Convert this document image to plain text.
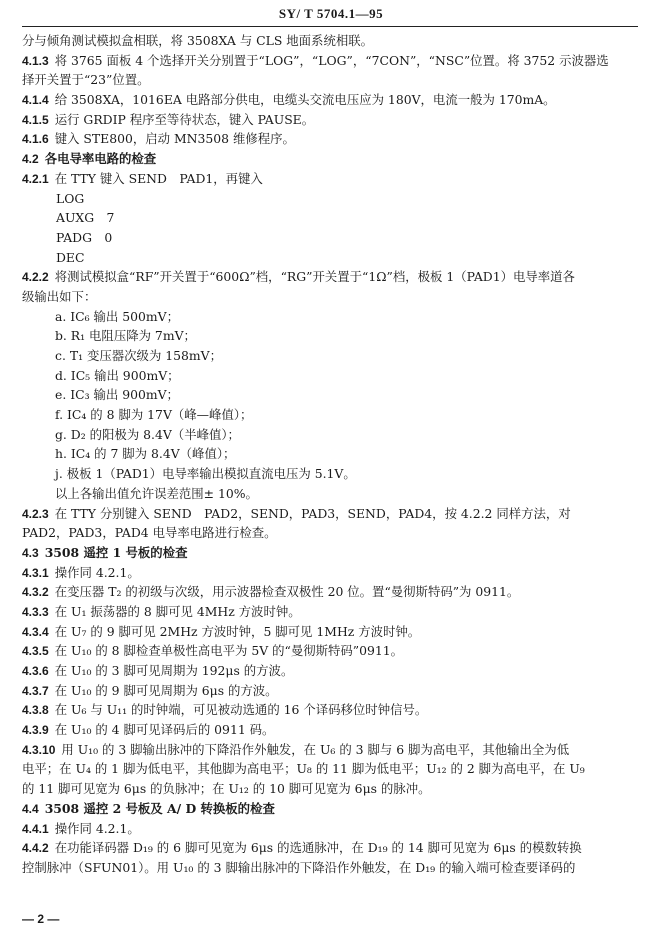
SY/ T 5704.1—95
分与倾角测试模拟盒相联，将 3508XA 与 CLS 地面系统相联。
4.1.3 将 3765 面板 4 个选择开关分别置于“LOG”，“LOG”，“7CON”，“NSC”位置。将 3752 示波器选
择开关置于“23”位置。
4.1.4 给 3508XA，1016EA 电路部分供电，电缆头交流电压应为 180V，电流一般为 170mA。
4.1.5 运行 GRDIP 程序至等待状态，键入 PAUSE。
4.1.6 键入 STE800，启动 MN3508 维修程序。
4.2 各电导率电路的检查
4.2.1 在 TTY 键入 SEND　PAD1，再键入
LOG
AUXG　7
PADG　0
DEC
4.2.2 将测试模拟盒“RF”开关置于“600Ω”档，“RG”开关置于“1Ω”档，极板 1（PAD1）电导率道各
级输出如下：
a. IC₆ 输出 500mV；
b. R₁ 电阻压降为 7mV；
c. T₁ 变压器次级为 158mV；
d. IC₅ 输出 900mV；
e. IC₃ 输出 900mV；
f. IC₄ 的 8 脚为 17V（峰—峰值）；
g. D₂ 的阳极为 8.4V（半峰值）；
h. IC₄ 的 7 脚为 8.4V（峰值）；
j. 极板 1（PAD1）电导率输出模拟直流电压为 5.1V。
以上各输出值允许误差范围± 10%。
4.2.3 在 TTY 分别键入 SEND　PAD2，SEND，PAD3，SEND，PAD4，按 4.2.2 同样方法，对
PAD2，PAD3，PAD4 电导率电路进行检查。
4.3 3508 遥控 1 号板的检查
4.3.1 操作同 4.2.1。
4.3.2 在变压器 T₂ 的初级与次级，用示波器检查双极性 20 位。置“曼彻斯特码”为 0911。
4.3.3 在 U₁ 振荡器的 8 脚可见 4MHz 方波时钟。
4.3.4 在 U₇ 的 9 脚可见 2MHz 方波时钟，5 脚可见 1MHz 方波时钟。
4.3.5 在 U₁₀ 的 8 脚检查单极性高电平为 5V 的“曼彻斯特码”0911。
4.3.6 在 U₁₀ 的 3 脚可见周期为 192μs 的方波。
4.3.7 在 U₁₀ 的 9 脚可见周期为 6μs 的方波。
4.3.8 在 U₆ 与 U₁₁ 的时钟端，可见被动选通的 16 个译码移位时钟信号。
4.3.9 在 U₁₀ 的 4 脚可见译码后的 0911 码。
4.3.10 用 U₁₀ 的 3 脚输出脉冲的下降沿作外触发，在 U₆ 的 3 脚与 6 脚为高电平，其他输出全为低
电平；在 U₄ 的 1 脚为低电平，其他脚为高电平；U₈ 的 11 脚为低电平；U₁₂ 的 2 脚为高电平，在 U₉
的 11 脚可见宽为 6μs 的负脉冲；在 U₁₂ 的 10 脚可见宽为 6μs 的脉冲。
4.4 3508 遥控 2 号板及 A/ D 转换板的检查
4.4.1 操作同 4.2.1。
4.4.2 在功能译码器 D₁₉ 的 6 脚可见宽为 6μs 的选通脉冲，在 D₁₉ 的 14 脚可见宽为 6μs 的模数转换
控制脉冲（SFUN01）。用 U₁₀ 的 3 脚输出脉冲的下降沿作外触发，在 D₁₉ 的输入端可检查要译码的
— 2 —
